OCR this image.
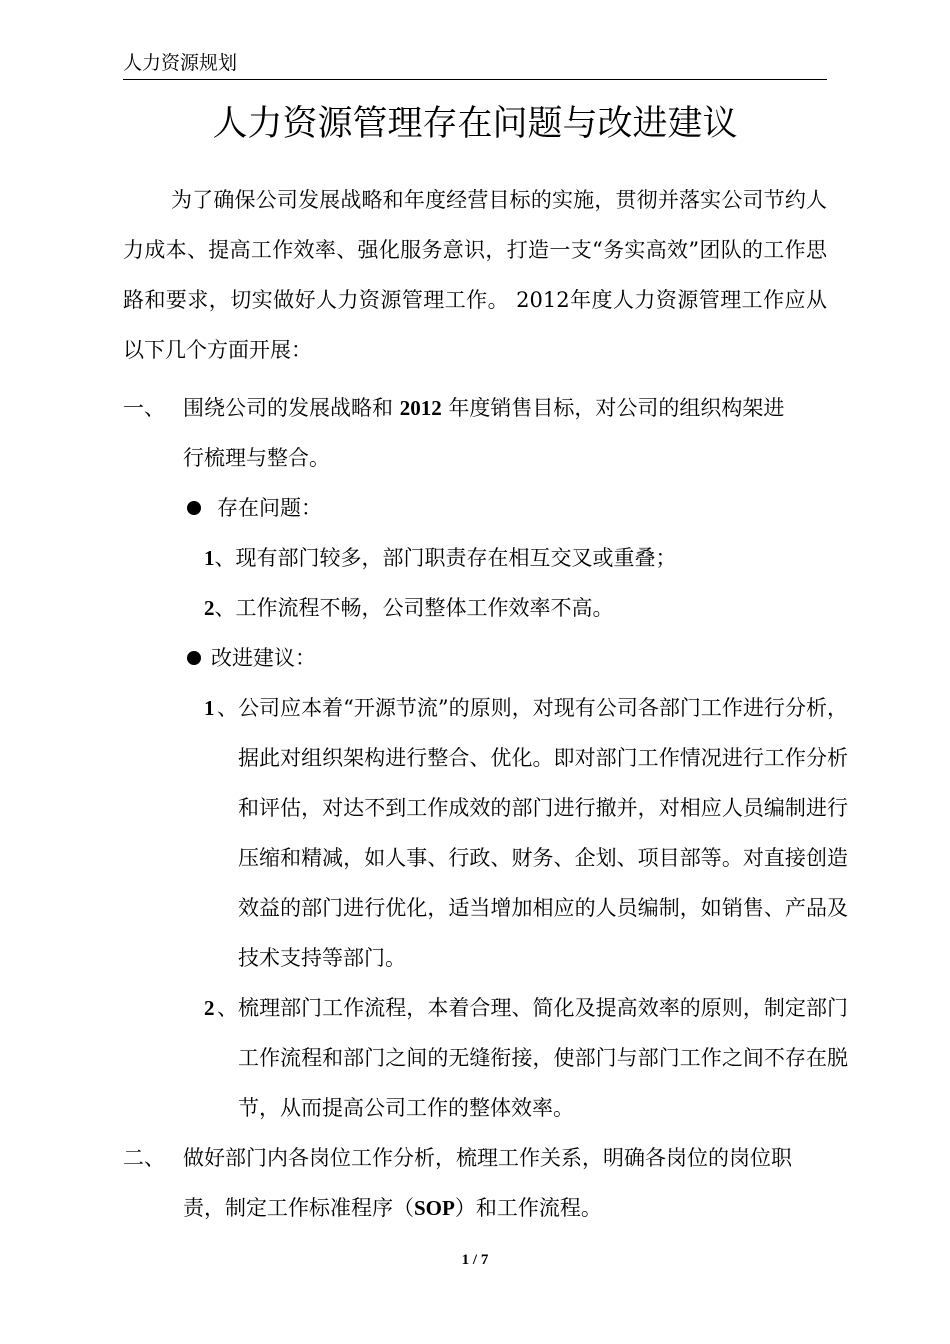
人力资源规划
人力资源管理存在问题与改进建议

为了确保公司发展战略和年度经营目标的实施，贯彻并落实公司节约人力成本、提高工作效率、强化服务意识，打造一支“务实高效”团队的工作思路和要求，切实做好人力资源管理工作。 2012年度人力资源管理工作应从以下几个方面开展：

一、 围绕公司的发展战略和 2012 年度销售目标，对公司的组织构架进
行梳理与整合。
存在问题：
1、现有部门较多，部门职责存在相互交叉或重叠；
2、工作流程不畅，公司整体工作效率不高。
改进建议：
1 、公司应本着“开源节流”的原则，对现有公司各部门工作进行分析，据此对组织架构进行整合、优化。即对部门工作情况进行工作分析和评估，对达不到工作成效的部门进行撤并，对相应人员编制进行压缩和精减，如人事、行政、财务、企划、项目部等。对直接创造效益的部门进行优化，适当增加相应的人员编制，如销售、产品及技术支持等部门。

2 、梳理部门工作流程，本着合理、简化及提高效率的原则，制定部门工作流程和部门之间的无缝衔接，使部门与部门工作之间不存在脱节，从而提高公司工作的整体效率。

二、 做好部门内各岗位工作分析，梳理工作关系，明确各岗位的岗位职
责，制定工作标准程序（SOP）和工作流程。
1 / 7
